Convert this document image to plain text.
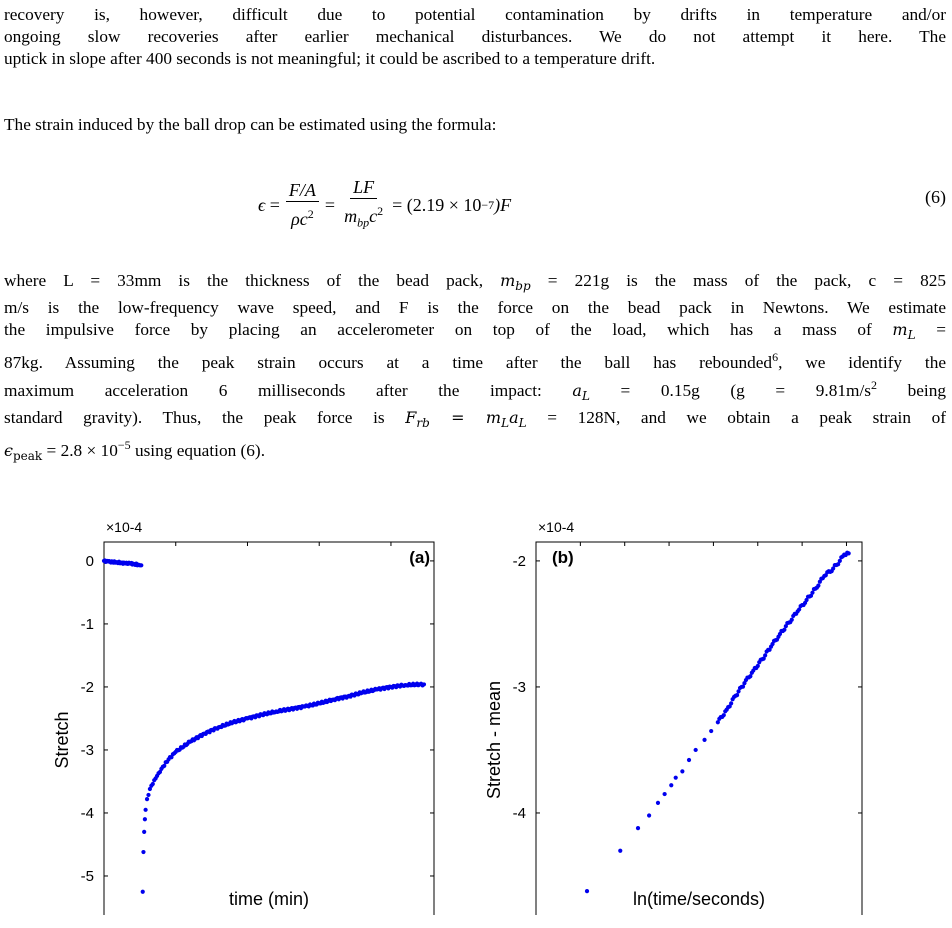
recovery is, however, difficult due to potential contamination by drifts in temperature and/or
ongoing slow recoveries after earlier mechanical disturbances. We do not attempt it here. The
uptick in slope after 400 seconds is not meaningful; it could be ascribed to a temperature drift.
The strain induced by the ball drop can be estimated using the formula:
$\epsilon = \frac{F/A}{\rho c^2} = \frac{LF}{m_{bp}c^2} = (2.19 \times 10 -7$ )F	(6)
where L = 33mm is the thickness of the bead pack, $m_{bp} = 221g$ is the mass of the pack, c = 825
m/s is the low-frequency wave speed, and F is the force on the bead pack in Newtons. We estimate
the impulsive force by placing an accelerometer on top of the load, which has a mass of $m_L$ =
87kg. Assuming the peak strain occurs at a time after the ball has rebounded$^6$, we identify the
maximum acceleration 6 milliseconds after the impact: $a_L = 0.15g$ ($g = 9.81m/s^2$ being
standard gravity). Thus, the peak force is $F_{rb} = m_La_L = 128N$, and we obtain a peak strain of
$\epsilon_{peak} = 2.8 \times 10^{-5}$ using equation (6).
×10-4
(a)
time (min)
Stretch
0
-1
-2
-3
-4
-5
×10-4
(b)
ln(time/seconds)
Stretch - mean
-2
-3
-4
